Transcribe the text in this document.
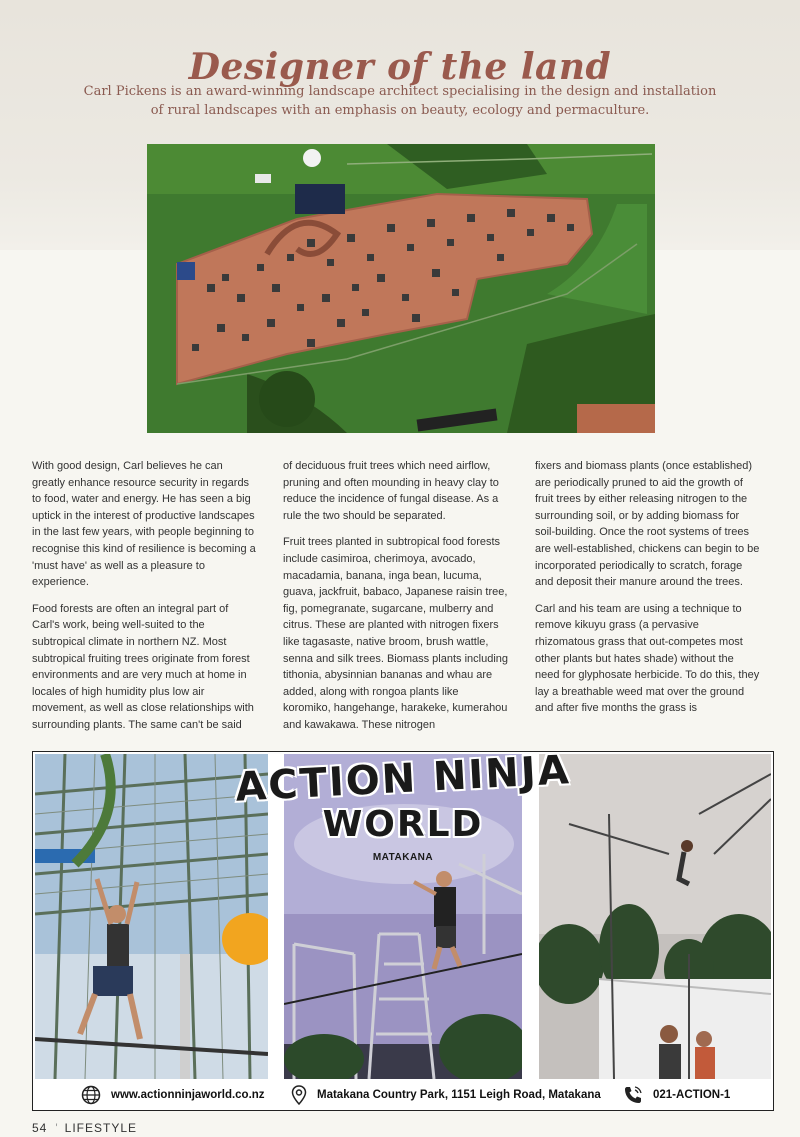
Designer of the land
Carl Pickens is an award-winning landscape architect specialising in the design and installation of rural landscapes with an emphasis on beauty, ecology and permaculture.

With good design, Carl believes he can greatly enhance resource security in regards to food, water and energy. He has seen a big uptick in the interest of productive landscapes in the last few years, with people beginning to recognise this kind of resilience is becoming a 'must have' as well as a pleasure to experience.

Food forests are often an integral part of Carl's work, being well-suited to the subtropical climate in northern NZ. Most subtropical fruiting trees originate from forest environments and are very much at home in locales of high humidity plus low air movement, as well as close relationships with surrounding plants. The same can't be said

of deciduous fruit trees which need airflow, pruning and often mounding in heavy clay to reduce the incidence of fungal disease. As a rule the two should be separated.

Fruit trees planted in subtropical food forests include casimiroa, cherimoya, avocado, macadamia, banana, inga bean, lucuma, guava, jackfruit, babaco, Japanese raisin tree, fig, pomegranate, sugarcane, mulberry and citrus. These are planted with nitrogen fixers like tagasaste, native broom, brush wattle, senna and silk trees. Biomass plants including tithonia, abysinnian bananas and whau are added, along with rongoa plants like koromiko, hangehange, harakeke, kumerahou and kawakawa. These nitrogen

fixers and biomass plants (once established) are periodically pruned to aid the growth of fruit trees by either releasing nitrogen to the surrounding soil, or by adding biomass for soil-building. Once the root systems of trees are well-established, chickens can begin to be incorporated periodically to scratch, forage and deposit their manure around the trees.

Carl and his team are using a technique to remove kikuyu grass (a pervasive rhizomatous grass that out-competes most other plants but hates shade) without the need for glyphosate herbicide. To do this, they lay a breathable weed mat over the ground and after five months the grass is

ACTION NINJA
WORLD
MATAKANA
www.actionninjaworld.co.nz	Matakana Country Park, 1151 Leigh Road, Matakana	021-ACTION-1
54 ' LIFESTYLE
